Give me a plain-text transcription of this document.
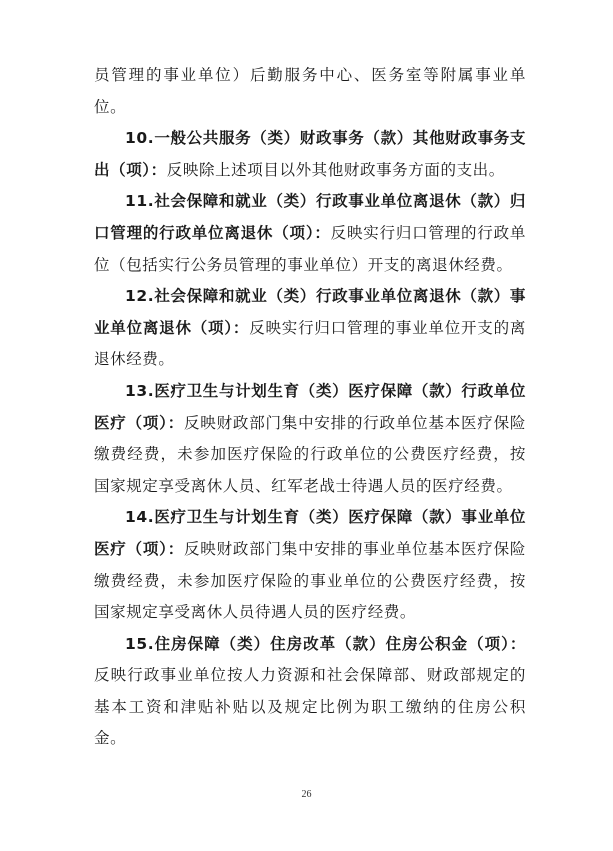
员管理的事业单位）后勤服务中心、医务室等附属事业单位。

10.一般公共服务（类）财政事务（款）其他财政事务支出（项）：反映除上述项目以外其他财政事务方面的支出。

11.社会保障和就业（类）行政事业单位离退休（款）归口管理的行政单位离退休（项）：反映实行归口管理的行政单位（包括实行公务员管理的事业单位）开支的离退休经费。

12.社会保障和就业（类）行政事业单位离退休（款）事业单位离退休（项）：反映实行归口管理的事业单位开支的离退休经费。

13.医疗卫生与计划生育（类）医疗保障（款）行政单位医疗（项）：反映财政部门集中安排的行政单位基本医疗保险缴费经费，未参加医疗保险的行政单位的公费医疗经费，按国家规定享受离休人员、红军老战士待遇人员的医疗经费。

14.医疗卫生与计划生育（类）医疗保障（款）事业单位医疗（项）：反映财政部门集中安排的事业单位基本医疗保险缴费经费，未参加医疗保险的事业单位的公费医疗经费，按国家规定享受离休人员待遇人员的医疗经费。

15.住房保障（类）住房改革（款）住房公积金（项）：反映行政事业单位按人力资源和社会保障部、财政部规定的基本工资和津贴补贴以及规定比例为职工缴纳的住房公积金。

26
